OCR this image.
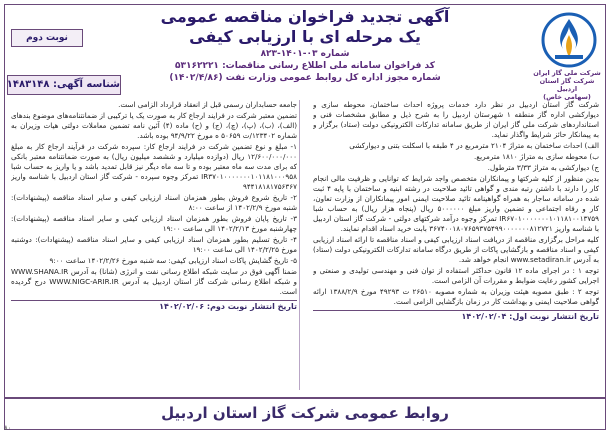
شرکت ملی گاز ایران
شرکت گاز استان اردبیل
(سهامی خاص)
آگهی تجدید فراخوان مناقصه عمومی
یک مرحله ای با ارزیابی کیفی
شماره ۰۳-۱۴۰۱-۸۲۳
کد فراخوان سامانه ملی اطلاع رسانی مناقصات: ۵۳۱۶۲۲۲۱
شماره مجوز اداره کل روابط عمومی وزارت نفت (۱۴۰۲/۴/۸۶)
نوبت دوم
شناسه آگهی: ۱۴۸۳۱۴۸

شرکت گاز استان اردبیل در نظر دارد خدمات پروژه احداث ساختمان، محوطه سازی و دیوارکشی اداره گاز منطقه ۱ شهرستان اردبیل را به شرح ذیل و مطابق مشخصات فنی و استانداردهای شرکت ملی گاز ایران از طریق سامانه تدارکات الکترونیکی دولت (ستاد) برگزار و به پیمانکار حائز شرایط واگذار نماید.

الف) احداث ساختمان به متراژ ۲۱۰۴ مترمربع در ۴ طبقه با اسکلت بتنی و دیوارکشی

ب) محوطه سازی به متراژ ۱۸۱۰ مترمربع.

ج) دیوارکشی به متراژ ۳/۳۳ مترطول.

بدین منظور از کلیه شرکتها و پیمانکاران متخصص واجد شرایط که توانایی و ظرفیت مالی انجام کار را دارند با داشتن رتبه مندی و گواهی تائید صلاحیت در رشته ابنیه و ساختمان با پایه ۴ ثبت شده در سامانه ساجار به همراه گواهینامه تائید صلاحیت ایمنی امور پیمانکاران از وزارت تعاون، کار و رفاه اجتماعی و تضمین واریز مبلغ ۵۰۰۰۰۰۰ ریال (پنجاه هزار ریال) به حساب شبا IR۶۷۰۱۰۰۰۰۰۰۰۱۰۱۱۸۱۰۰۱۳۷۵۹ تمرکز وجوه درآمد شرکتهای دولتی - شرکت گاز استان اردبیل با شناسه واریز ۳۶۷۴۰۰۱۸۰۷۶۵۹۳۷۵۴۹۹۰۰۰۰۰۰۰۸۱۲۷۲۱ بابت خرید اسناد اقدام نمایند.

کلیه مراحل برگزاری مناقصه از دریافت اسناد ارزیابی کیفی و اسناد مناقصه تا ارائه اسناد ارزیابی کیفی و اسناد مناقصه و بازگشایی پاکات از طریق درگاه سامانه تدارکات الکترونیکی دولت (ستاد) به آدرس www.setadiran.ir انجام خواهد شد.

توجه ۱ : در اجرای ماده ۱۲ قانون حداکثر استفاده از توان فنی و مهندسی تولیدی و صنعتی و اجرایی کشور رعایت ضوابط و مقررات آن الزامی است.

توجه ۲ : طبق مصوبه هیئت وزیران به شماره مصوبه ۲۶۵۱۰ ت ۴۹۲۹۳ مورخ ۱۳۸۸/۲/۹ ارائه گواهی صلاحیت ایمنی و بهداشت کار در زمان بازگشایی الزامی است.

تاریخ انتشار نوبت اول: ۱۴۰۲/۰۲/۰۴

جامعه حسابداران رسمی قبل از انعقاد قرارداد الزامی است.

تضمین معتبر شرکت در فرایند ارجاع کار به صورت یک یا ترکیبی از ضمانتنامه‌های موضوع بندهای (الف)، (ب)، (پ)، (چ)، (ج) و (ح) ماده (۴) آئین نامه تضمین معاملات دولتی هیات وزیران به شماره ۱۲۳۴۰۲/ت ۵۰۶۵۹ ه مورخ ۹۴/۹/۲۲ بوده باشد.

۱- مبلغ و نوع تضمین شرکت در فرایند ارجاع کار: سپرده شرکت در فرآیند ارجاع کار به مبلغ ۱۲/۶۰۰/۰۰۰/۰۰۰ ریال (دوازده میلیارد و ششصد میلیون ریال) به صورت ضمانتنامه معتبر بانکی که برای مدت سه ماه معتبر بوده و تا سه ماه دیگر نیز قابل تمدید باشد و یا واریز به حساب شبا IR۳۷۰۱۰۰۰۰۰۰۰۱۰۱۱۸۱۰۰۰۹۵۸ تمرکز وجوه سپرده - شرکت گاز استان اردبیل با شناسه واریز ۹۴۴۱۸۱۸۱۷۵۶۳۶۷

۲- تاریخ شروع فروش بطور همزمان اسناد ارزیابی کیفی و سایر اسناد مناقصه (پیشنهادات): شنبه مورخ ۱۴۰۲/۲/۹ از ساعت ۸:۰۰

۳- تاریخ پایان فروش بطور همزمان اسناد ارزیابی کیفی و سایر اسناد مناقصه (پیشنهادات): چهارشنبه مورخ ۱۴۰۲/۲/۱۳ الی ساعت ۱۹:۰۰

۴- تاریخ تسلیم بطور همزمان اسناد ارزیابی کیفی و سایر اسناد مناقصه (پیشنهادات): دوشنبه مورخ ۱۴۰۲/۲/۲۵ الی ساعت ۱۹:۰۰

۵- تاریخ گشایش پاکات اسناد ارزیابی کیفی: سه شنبه مورخ ۱۴۰۲/۲/۲۶ ساعت ۹:۰۰

ضمنا آگهی فوق در سایت شبکه اطلاع رسانی نفت و انرژی (شانا) به آدرس WWW.SHANA.IR و شبکه اطلاع رسانی شرکت گاز استان اردبیل به آدرس WWW.NIGC-ARIR.IR درج گردیده است.

تاریخ انتشار نوبت دوم: ۱۴۰۲/۰۲/۰۶
روابط عمومی شرکت گاز استان اردبیل
۸۰
